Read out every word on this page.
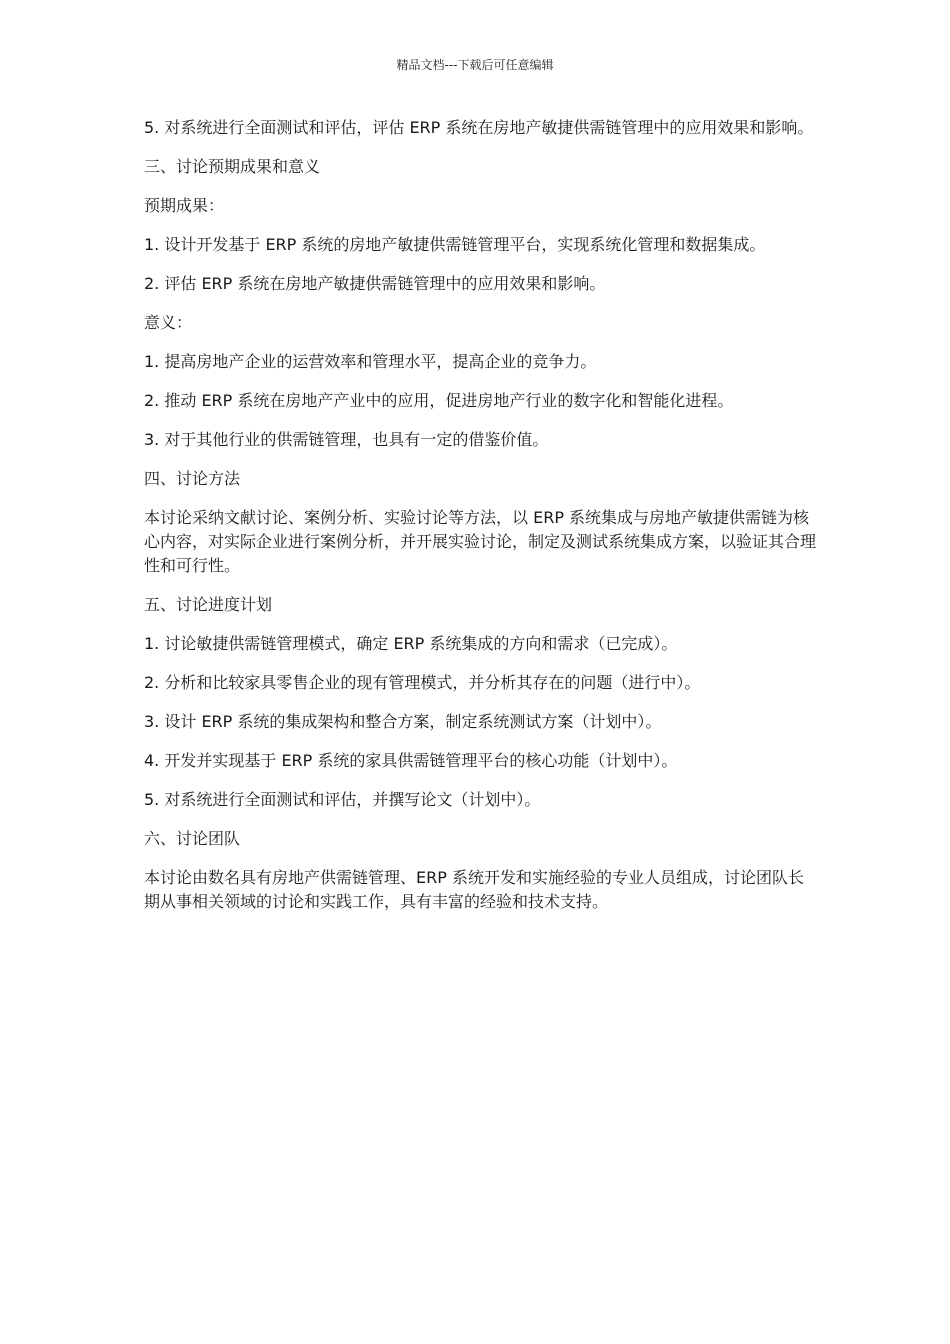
精品文档---下载后可任意编辑

5. 对系统进行全面测试和评估，评估 ERP 系统在房地产敏捷供需链管理中的应用效果和影响。

三、讨论预期成果和意义

预期成果：

1. 设计开发基于 ERP 系统的房地产敏捷供需链管理平台，实现系统化管理和数据集成。

2. 评估 ERP 系统在房地产敏捷供需链管理中的应用效果和影响。

意义：

1. 提高房地产企业的运营效率和管理水平，提高企业的竞争力。

2. 推动 ERP 系统在房地产产业中的应用，促进房地产行业的数字化和智能化进程。

3. 对于其他行业的供需链管理，也具有一定的借鉴价值。

四、讨论方法

本讨论采纳文献讨论、案例分析、实验讨论等方法，以 ERP 系统集成与房地产敏捷供需链为核心内容，对实际企业进行案例分析，并开展实验讨论，制定及测试系统集成方案，以验证其合理性和可行性。

五、讨论进度计划

1. 讨论敏捷供需链管理模式，确定 ERP 系统集成的方向和需求（已完成）。

2. 分析和比较家具零售企业的现有管理模式，并分析其存在的问题（进行中）。

3. 设计 ERP 系统的集成架构和整合方案，制定系统测试方案（计划中）。

4. 开发并实现基于 ERP 系统的家具供需链管理平台的核心功能（计划中）。

5. 对系统进行全面测试和评估，并撰写论文（计划中）。

六、讨论团队

本讨论由数名具有房地产供需链管理、ERP 系统开发和实施经验的专业人员组成，讨论团队长期从事相关领域的讨论和实践工作，具有丰富的经验和技术支持。
